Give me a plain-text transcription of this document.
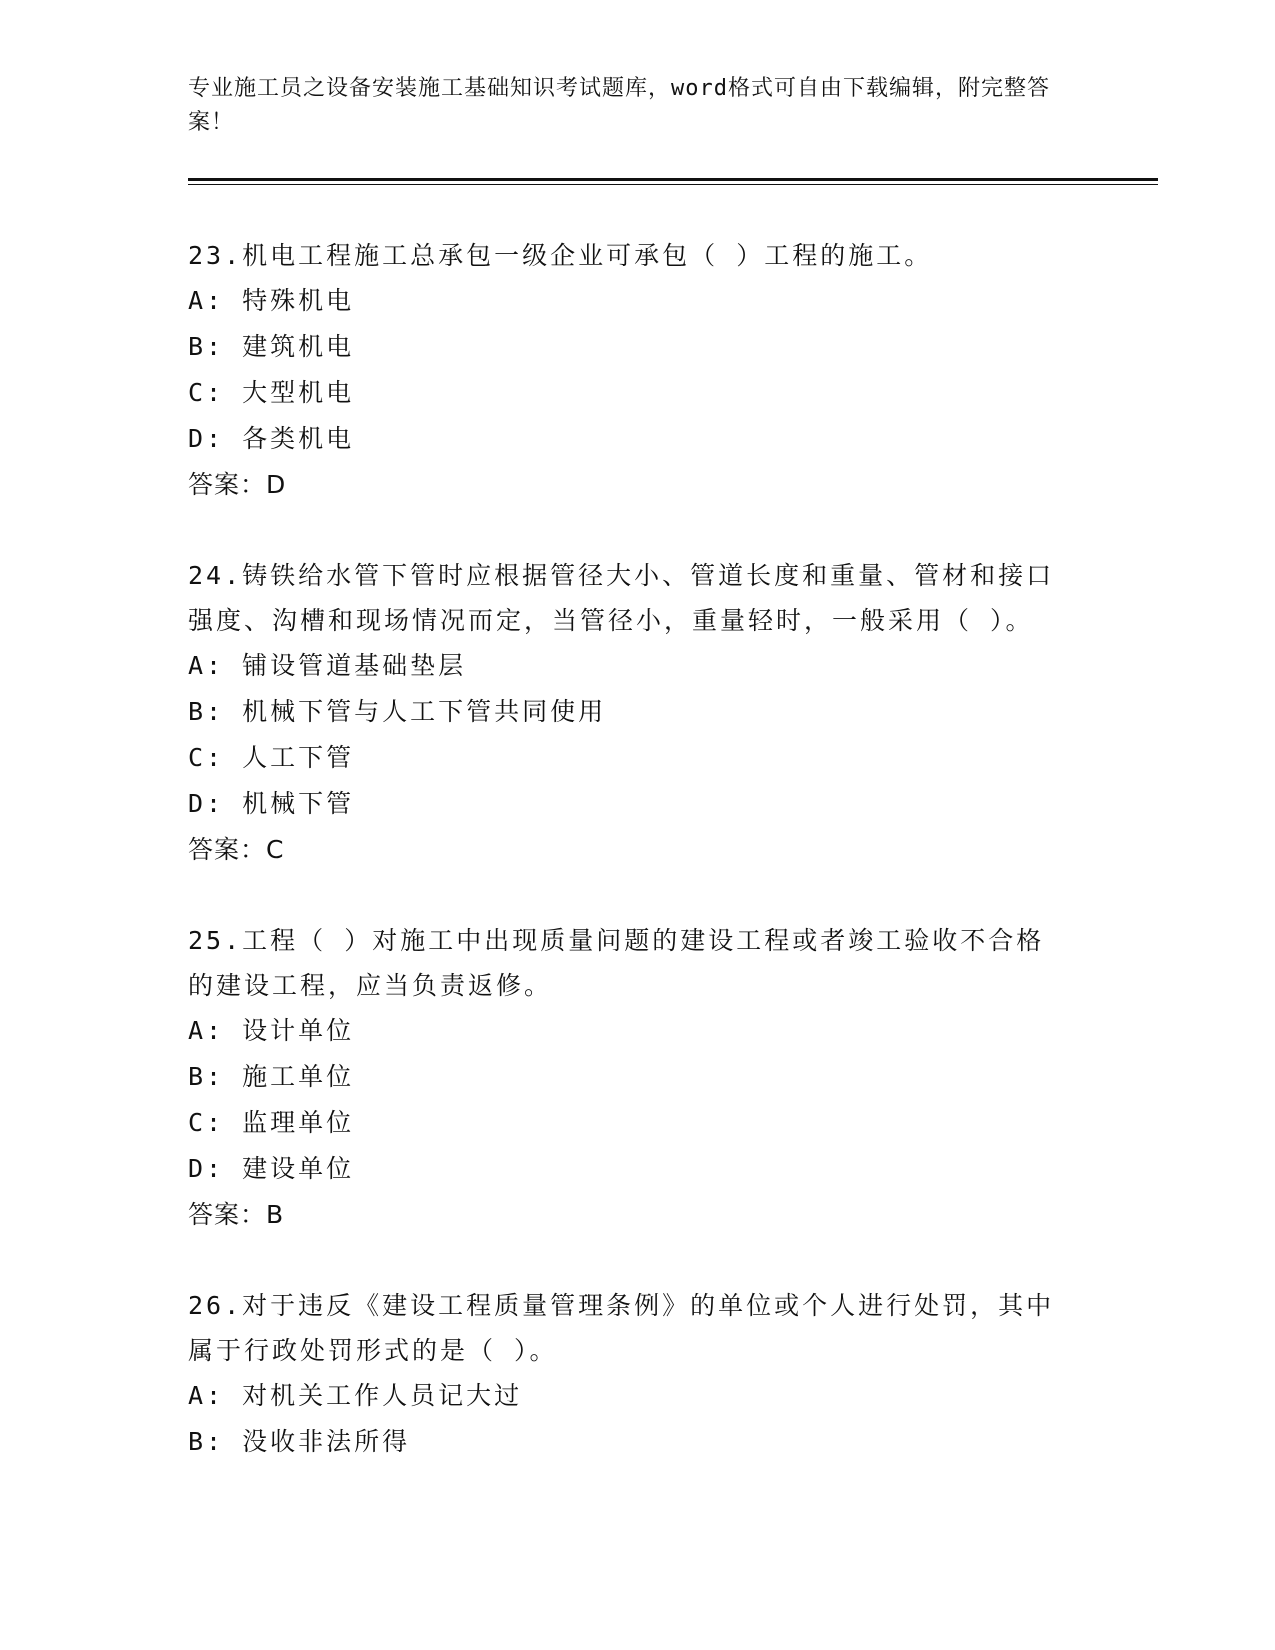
专业施工员之设备安装施工基础知识考试题库，word格式可自由下载编辑，附完整答案！
23.机电工程施工总承包一级企业可承包（ ）工程的施工。
A: 特殊机电
B: 建筑机电
C: 大型机电
D: 各类机电
答案：D
24.铸铁给水管下管时应根据管径大小、管道长度和重量、管材和接口强度、沟槽和现场情况而定，当管径小，重量轻时，一般采用（ ）。
A: 铺设管道基础垫层
B: 机械下管与人工下管共同使用
C: 人工下管
D: 机械下管
答案：C
25.工程（ ）对施工中出现质量问题的建设工程或者竣工验收不合格的建设工程，应当负责返修。
A: 设计单位
B: 施工单位
C: 监理单位
D: 建设单位
答案：B
26.对于违反《建设工程质量管理条例》的单位或个人进行处罚，其中属于行政处罚形式的是（ ）。
A: 对机关工作人员记大过
B: 没收非法所得
